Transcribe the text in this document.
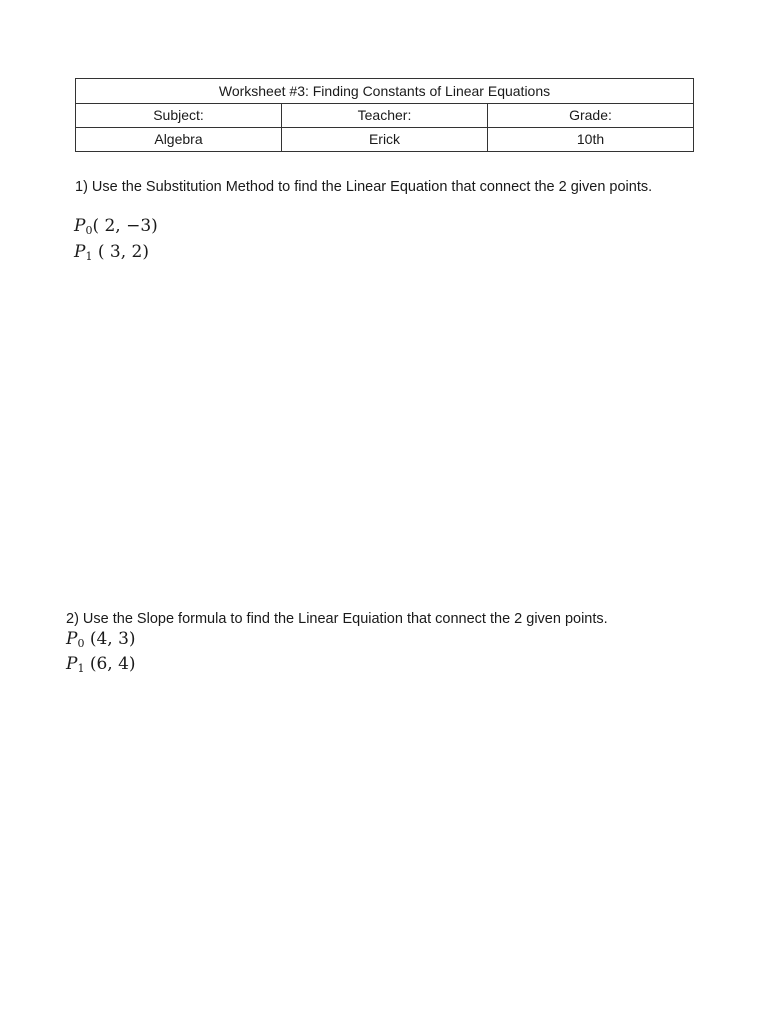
Worksheet #3: Finding Constants of Linear Equations		
Subject:	Teacher:	Grade:
Algebra	Erick	10th
1) Use the Substitution Method to find the Linear Equation that connect the 2 given points.
$P_0$( 2, −3)
$P_1$ ( 3, 2)
2) Use the Slope formula to find the Linear Equiation that connect the 2 given points.
$P_0$ (4, 3)
$P_1$ (6, 4)
